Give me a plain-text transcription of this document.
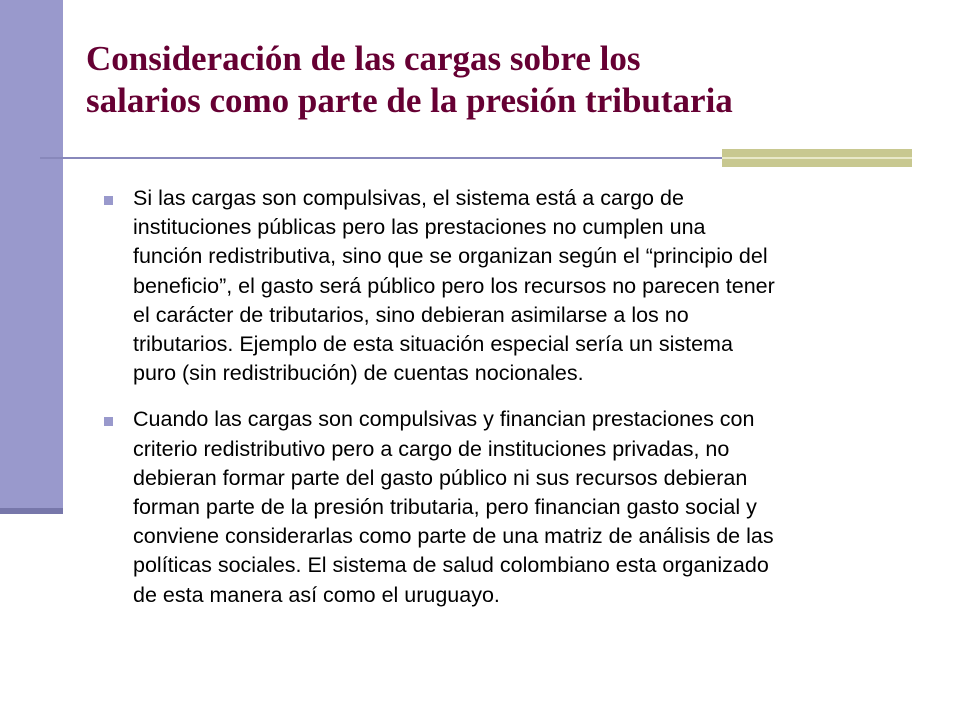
Consideración de las cargas sobre los
salarios como parte de la presión tributaria
Si las cargas son compulsivas, el sistema está a cargo de
instituciones públicas pero las prestaciones no cumplen una
función redistributiva, sino que se organizan según el “principio del
beneficio”, el gasto será público pero los recursos no parecen tener
el carácter de tributarios, sino debieran asimilarse a los no
tributarios. Ejemplo de esta situación especial sería un sistema
puro (sin redistribución) de cuentas nocionales.
Cuando las cargas son compulsivas y financian prestaciones con
criterio redistributivo pero a cargo de instituciones privadas, no
debieran formar parte del gasto público ni sus recursos debieran
forman parte de la presión tributaria, pero financian gasto social y
conviene considerarlas como parte de una matriz de análisis de las
políticas sociales. El sistema de salud colombiano esta organizado
de esta manera así como el uruguayo.
